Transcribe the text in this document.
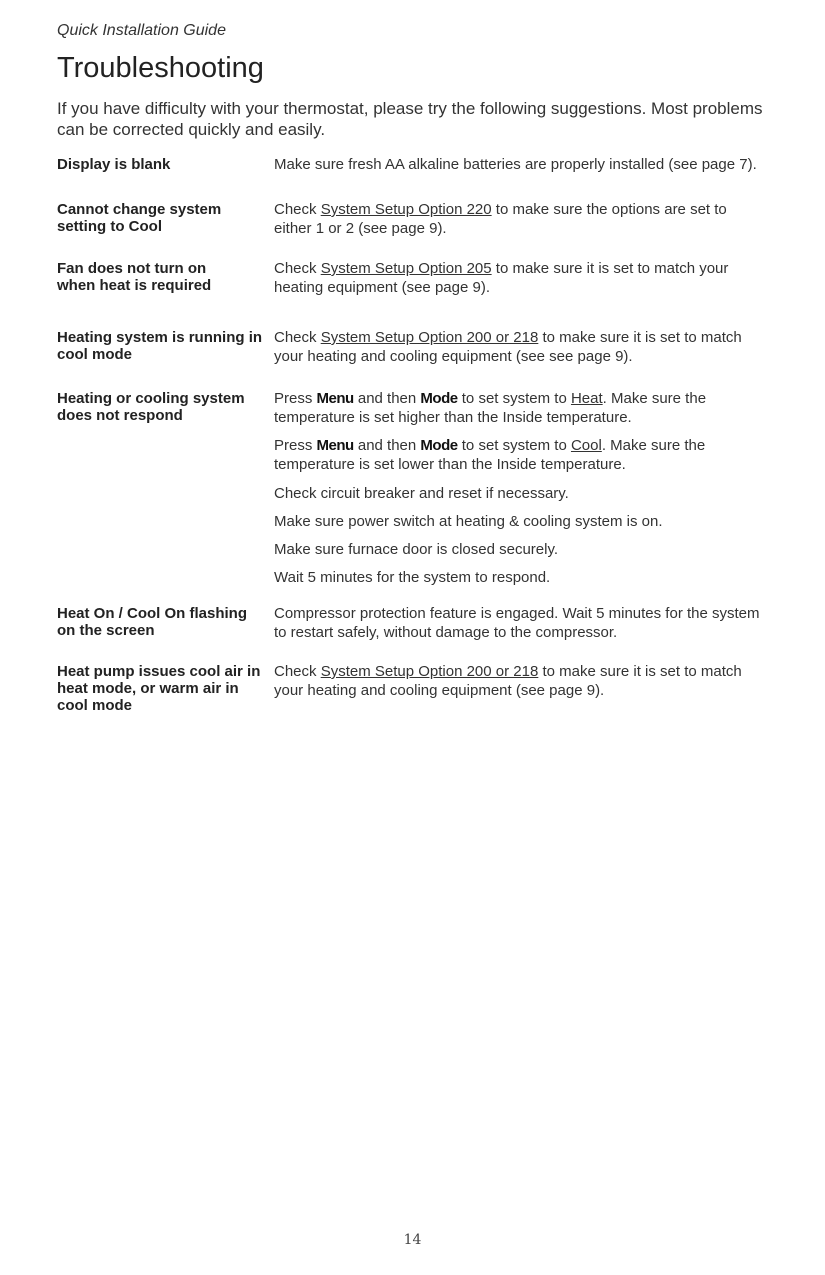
Quick Installation Guide
Troubleshooting
If you have difficulty with your thermostat, please try the following suggestions. Most problems can be corrected quickly and easily.
Display is blank	Make sure fresh AA alkaline batteries are properly installed (see page 7).
Cannot change system setting to Cool
Check System Setup Option 220 to make sure the options are set to either 1 or 2 (see page 9).
Fan does not turn on when heat is required
Check System Setup Option 205 to make sure it is set to match your heating equipment (see page 9).
Heating system is running in cool mode
Check System Setup Option 200 or 218 to make sure it is set to match your heating and cooling equipment (see see page 9).
Heating or cooling system does not respond
Press Menu and then Mode to set system to Heat. Make sure the temperature is set higher than the Inside temperature.
Press Menu and then Mode to set system to Cool. Make sure the temperature is set lower than the Inside temperature.
Check circuit breaker and reset if necessary.
Make sure power switch at heating & cooling system is on.
Make sure furnace door is closed securely.
Wait 5 minutes for the system to respond.
Heat On / Cool On flashing on the screen
Compressor protection feature is engaged. Wait 5 minutes for the system to restart safely, without damage to the compressor.
Heat pump issues cool air in heat mode, or warm air in cool mode
Check System Setup Option 200 or 218 to make sure it is set to match your heating and cooling equipment (see page 9).
14
